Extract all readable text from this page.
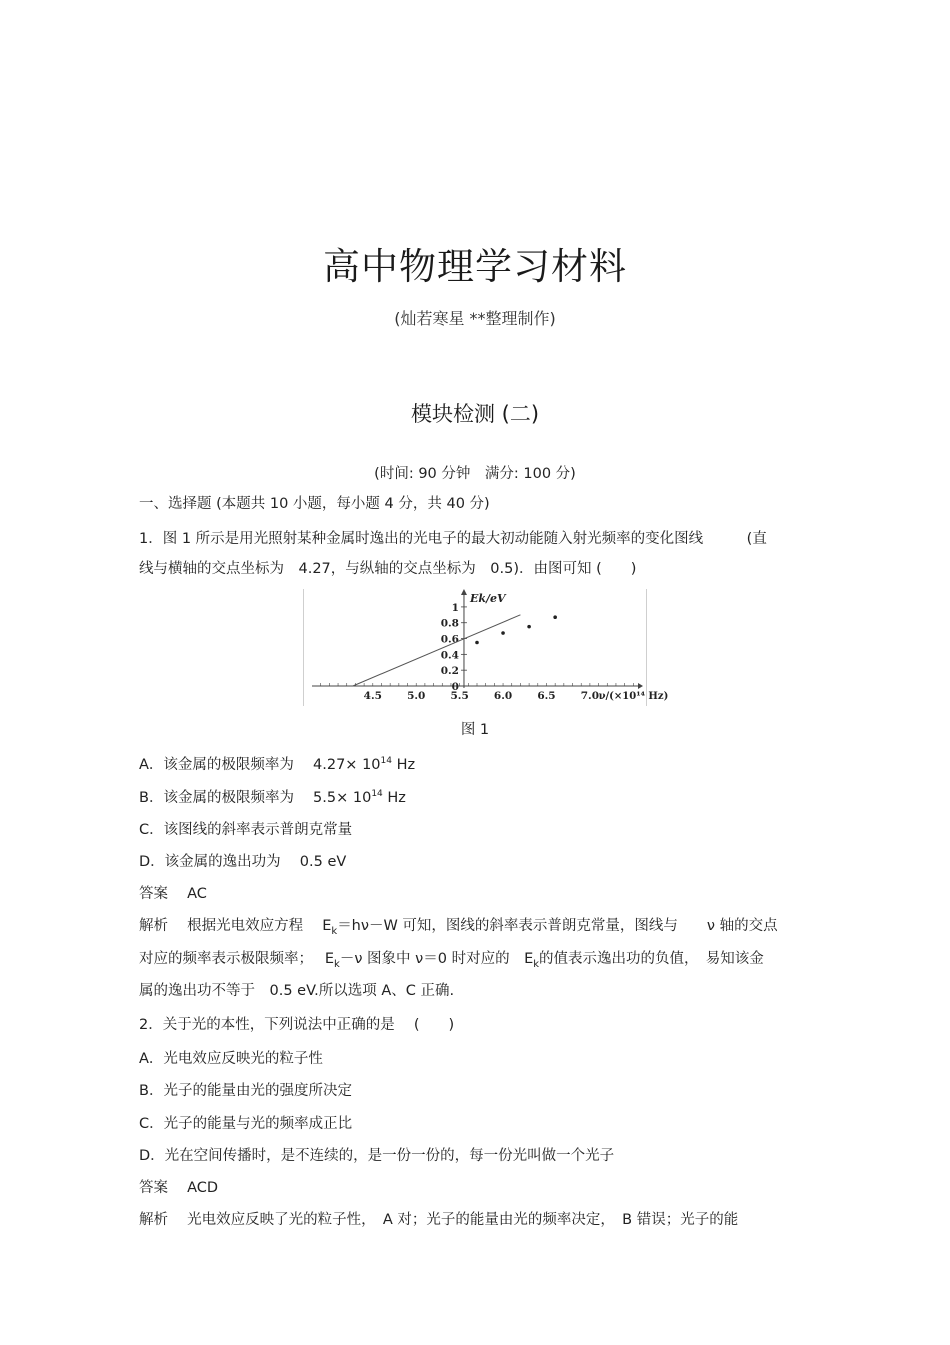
高中物理学习材料
(灿若寒星 **整理制作)
模块检测 (二)
(时间: 90 分钟　满分: 100 分)
一、选择题 (本题共 10 小题，每小题 4 分，共 40 分)
1．图 1 所示是用光照射某种金属时逸出的光电子的最大初动能随入射光频率的变化图线　　　(直
线与横轴的交点坐标为　4.27，与纵轴的交点坐标为　0.5)．由图可知 (　　)
1
0.8
0.6
0.4
0.2
0
4.5 5.0 5.5 6.0 6.5 7.0
Ek/eV
ν/(×10¹⁴ Hz)
图 1
A．该金属的极限频率为　 $4.27\times 10^{14}$ Hz
B．该金属的极限频率为　 $5.5\times 10^{14}$ Hz
C．该图线的斜率表示普朗克常量
D．该金属的逸出功为　 0.5 eV
答案　 AC
解析　 根据光电效应方程　 $E_k=h\nu-W$ 可知，图线的斜率表示普朗克常量，图线与　　ν 轴的交点
对应的频率表示极限频率；　 $E_k-\nu$ 图象中 ν＝0 时对应的　$E_k$的值表示逸出功的负值，　易知该金
属的逸出功不等于　0.5 eV.所以选项 A、C 正确.
2．关于光的本性，下列说法中正确的是　 (　　)
A．光电效应反映光的粒子性
B．光子的能量由光的强度所决定
C．光子的能量与光的频率成正比
D．光在空间传播时，是不连续的，是一份一份的，每一份光叫做一个光子
答案　 ACD
解析　 光电效应反映了光的粒子性，　A 对；光子的能量由光的频率决定，　B 错误；光子的能
